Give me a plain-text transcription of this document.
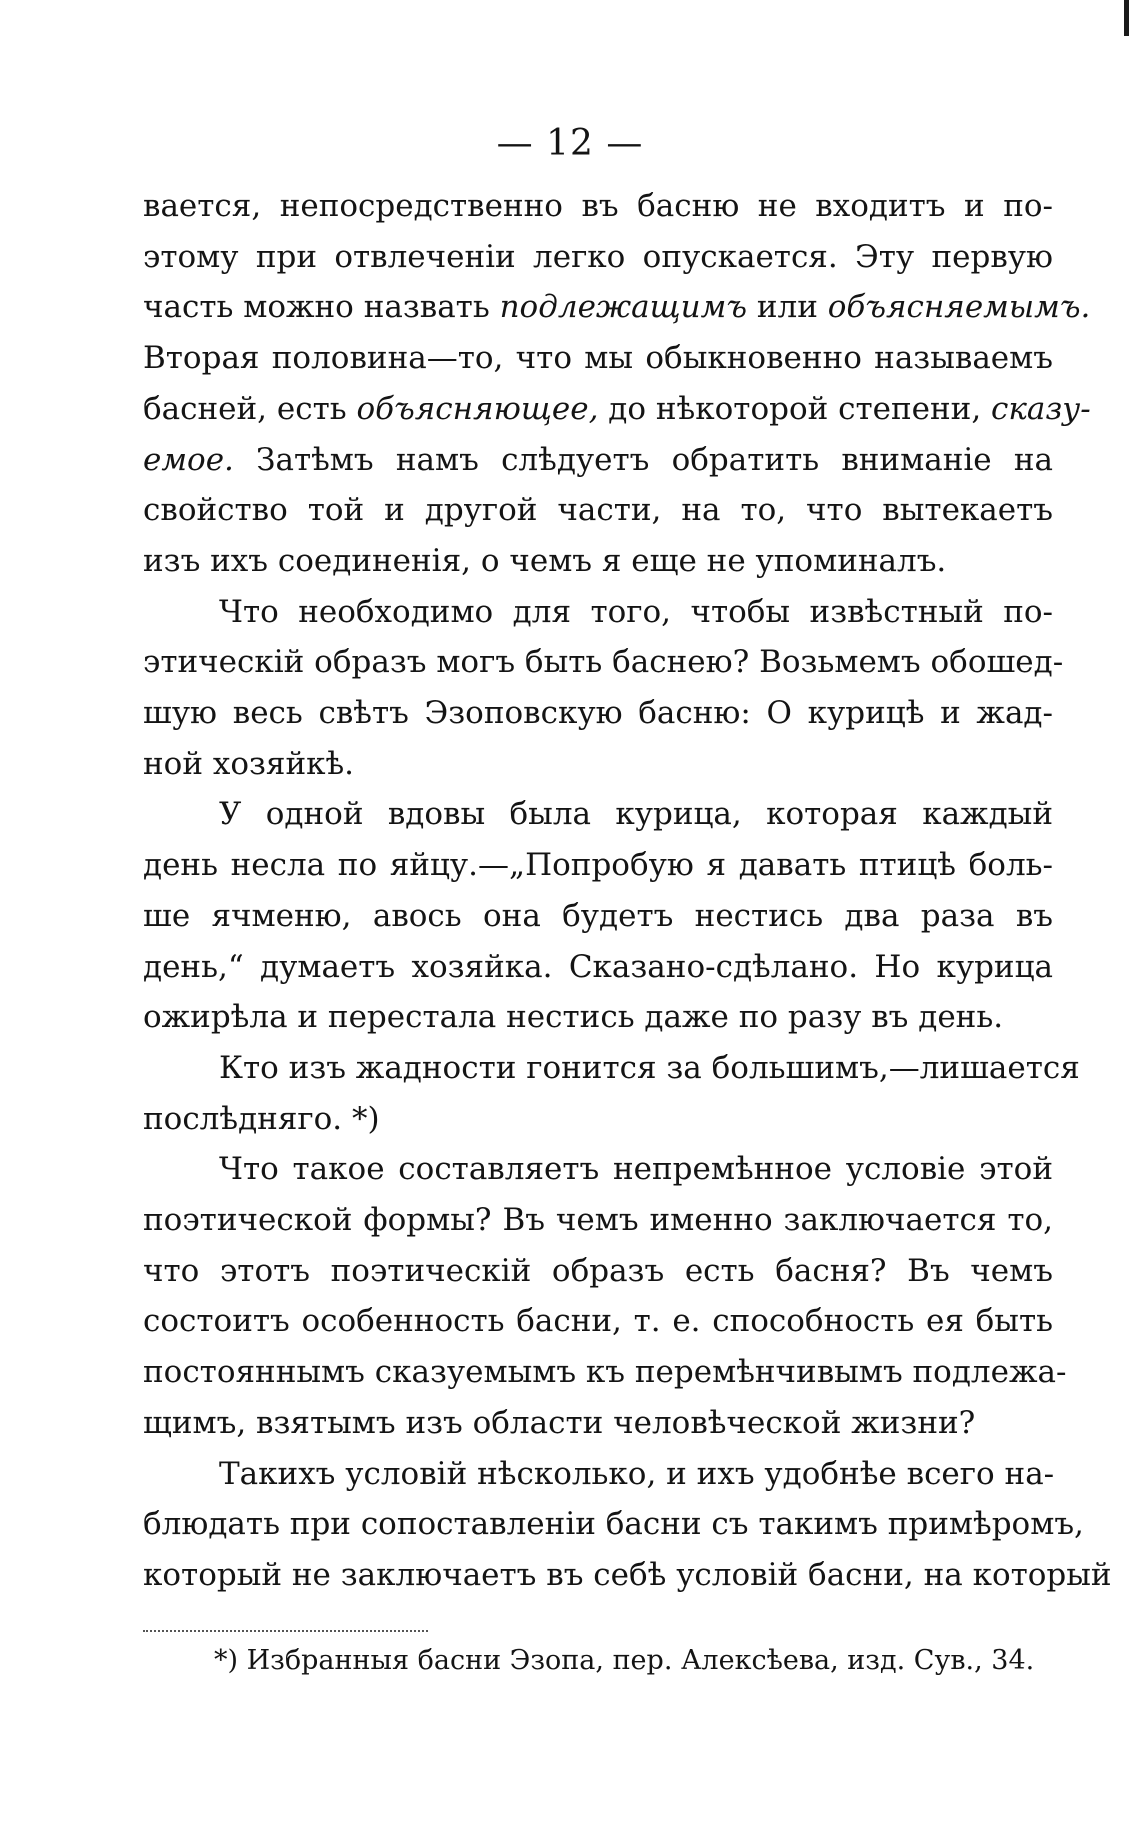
— 12 —
вается, непосредственно въ басню не входитъ и по-
этому при отвлеченіи легко опускается. Эту первую
часть можно назвать подлежащимъ или объясняемымъ.
Вторая половина—то, что мы обыкновенно называемъ
басней, есть объясняющее, до нѣкоторой степени, сказу-
емое. Затѣмъ намъ слѣдуетъ обратить вниманіе на
свойство той и другой части, на то, что вытекаетъ
изъ ихъ соединенія, о чемъ я еще не упоминалъ.
Что необходимо для того, чтобы извѣстный по-
этическій образъ могъ быть баснею? Возьмемъ обошед-
шую весь свѣтъ Эзоповскую басню: О курицѣ и жад-
ной хозяйкѣ.
У одной вдовы была курица, которая каждый
день несла по яйцу.—„Попробую я давать птицѣ боль-
ше ячменю, авось она будетъ нестись два раза въ
день,“ думаетъ хозяйка. Сказано-сдѣлано. Но курица
ожирѣла и перестала нестись даже по разу въ день.
Кто изъ жадности гонится за большимъ,—лишается
послѣдняго. *)
Что такое составляетъ непремѣнное условіе этой
поэтической формы? Въ чемъ именно заключается то,
что этотъ поэтическій образъ есть басня? Въ чемъ
состоитъ особенность басни, т. е. способность ея быть
постояннымъ сказуемымъ къ перемѣнчивымъ подлежа-
щимъ, взятымъ изъ области человѣческой жизни?
Такихъ условій нѣсколько, и ихъ удобнѣе всего на-
блюдать при сопоставленіи басни съ такимъ примѣромъ,
который не заключаетъ въ себѣ условій басни, на который
*) Избранныя басни Эзопа, пер. Алексѣева, изд. Сув., 34.
